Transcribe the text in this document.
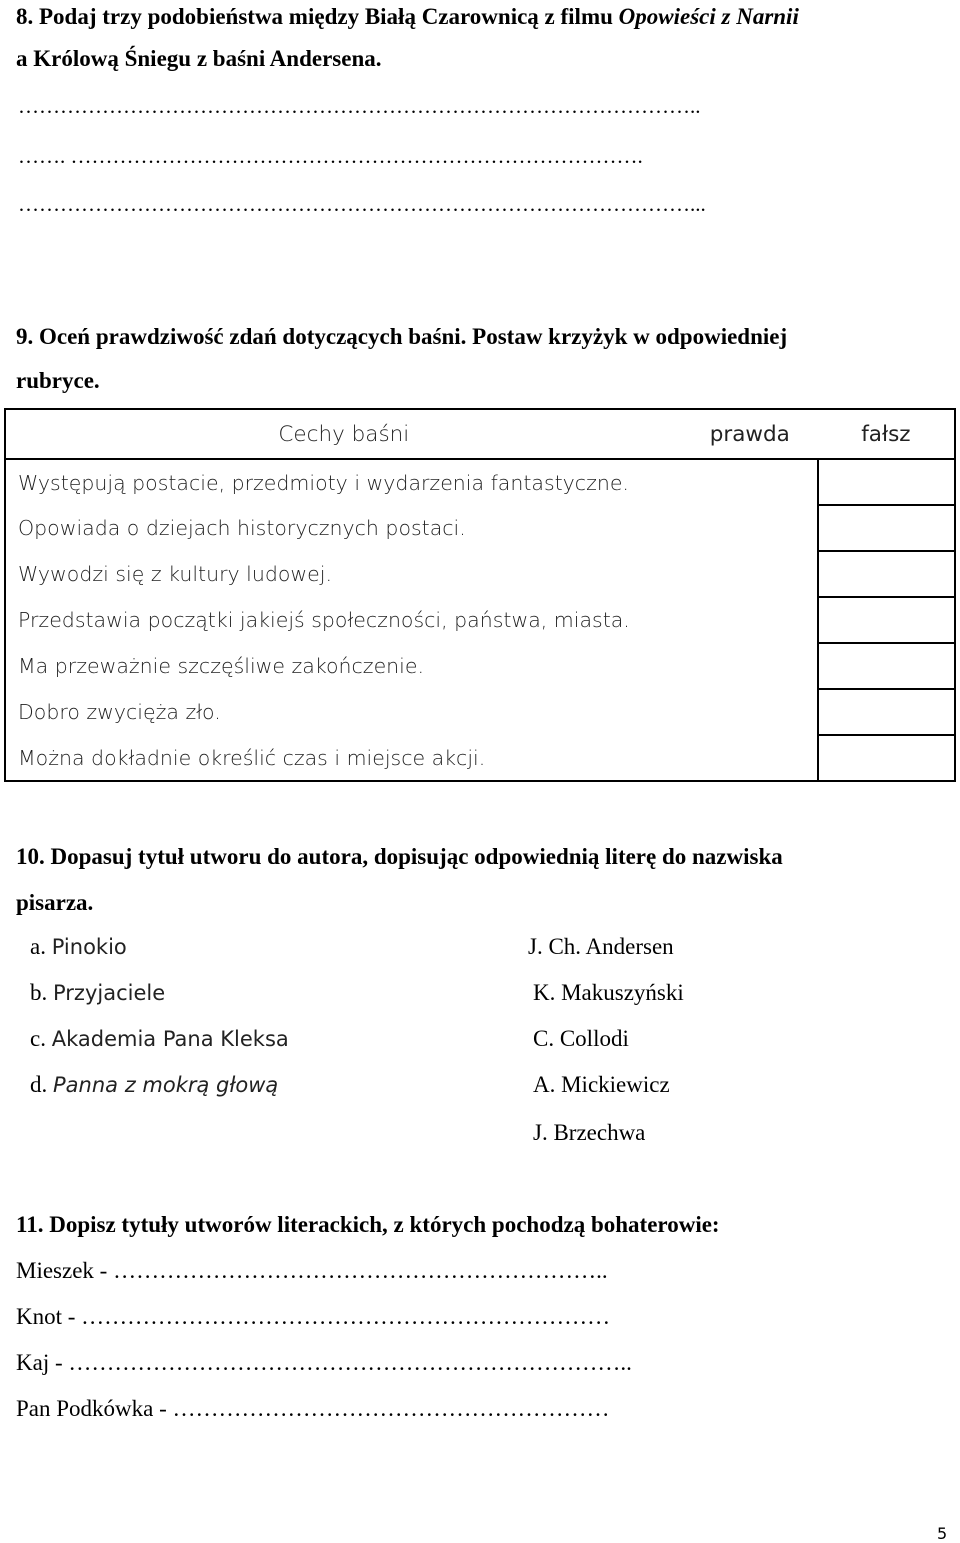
8. Podaj trzy podobieństwa między Białą Czarownicą z filmu Opowieści z Narnii
a Królową Śniegu z baśni Andersena.
……………………………………………………………………………………..
……. ……………………………………………………………………….
……………………………………………………………………………………...
9. Oceń prawdziwość zdań dotyczących baśni. Postaw krzyżyk w odpowiedniej
rubryce.
Cechy baśni	prawda	fałsz
Występują postacie, przedmioty i wydarzenia fantastyczne.		
Opowiada o dziejach historycznych postaci.		
Wywodzi się z kultury ludowej.		
Przedstawia początki jakiejś społeczności, państwa, miasta.		
Ma przeważnie szczęśliwe zakończenie.		
Dobro zwycięża zło.		
Można dokładnie określić czas i miejsce akcji.		
10. Dopasuj tytuł utworu do autora, dopisując odpowiednią literę do nazwiska
pisarza.
a. Pinokio
b. Przyjaciele
c. Akademia Pana Kleksa
d. Panna z mokrą głową
J. Ch. Andersen
K. Makuszyński
C. Collodi
A. Mickiewicz
J. Brzechwa
11. Dopisz tytuły utworów literackich, z których pochodzą bohaterowie:
Mieszek - ………………………………………………………..
Knot - ……………………………………………………………
Kaj - ………………………………………………………………..
Pan Podkówka - …………………………………………………
5
